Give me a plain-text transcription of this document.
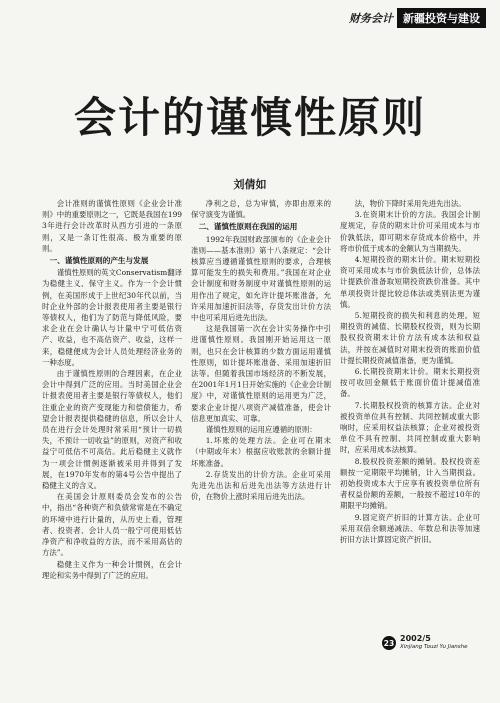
财务会计 新疆投资与建设
会计的谨慎性原则
刘倩如

会计准则的谨慎性原则《企业会计准则》中的重要原则之一，它既是我国在1993年进行会计改革时从西方引进的一条原则，又是一条订性很高、极为重要的原则。

一、谨慎性原则的产生与发展

谨慎性原则的英文Conservatism翻译为稳健主义、保守主义。作为一个会计惯例，在美国形成于上世纪30年代以前，当时企业外部的会计报表使用者主要是银行等债权人，他们为了防范与降低风险，要求企业在会计确认与计量中宁可低估资产、收益，也不高估资产、收益，这样一来，稳健便成为会计人员处理经济业务的一种态度。

由于谨慎性原则的合理因素，在企业会计中得到广泛的应用。当时美国企业会计报表使用者主要是银行等债权人，他们注重企业的资产变现能力和偿债能力，希望会计报表提供稳健的信息，所以会计人员在进行会计处理时常采用“预计一切损失，不预计一切收益”的原则，对资产和收益宁可低估不可高估。此后稳健主义就作为一项会计惯例逐渐被采用并得到了发展，在1970年发布的第4号公告中提出了稳健主义的含义。

在美国会计原则委员会发布的公告中，指出“各种资产和负债常常是在不确定的环境中进行计量的，从历史上看，管理者、投资者、会计人员一般宁可使用低估净资产和净收益的方法，而不采用高估的方法”。

稳健主义作为一种会计惯例，在会计理论和实务中得到了广泛的应用。

净利之总，总为审慎，亦即由原来的保守演变为谨慎。

二、谨慎性原则在我国的运用

1992年我国财政部颁布的《企业会计准则——基本准则》第十八条规定：“会计核算应当遵循谨慎性原则的要求，合理核算可能发生的损失和费用。”我国在对企业会计制度和财务制度中对谨慎性原则的运用作出了规定，如允许计提坏账准备，允许采用加速折旧法等，存货发出计价方法中也可采用后进先出法。

这是我国第一次在会计实务操作中引进谨慎性原则。我国刚开始运用这一原则，也只在会计核算的少数方面运用谨慎性原则，如计提坏账准备、采用加速折旧法等。但随着我国市场经济的不断发展，在2001年1月1日开始实施的《企业会计制度》中，对谨慎性原则的运用更为广泛，要求企业计提八项资产减值准备，使会计信息更加真实、可靠。

谨慎性原则的运用应遵循的原则：

1.坏账的处理方法。企业可在期末（中期或年末）根据应收账款的余额计提坏账准备。

2.存货发出的计价方法。企业可采用先进先出法和后进先出法等方法进行计价，在物价上涨时采用后进先出法。

法，物价下降时采用先进先出法。

3.在资期末计价的方法。我国会计制度规定，存货的期末计价可采用成本与市价孰低法，即可期末存货成本价格中，并将市价低于成本的金额认为当期损失。

4.短期投资的期末计价。期末短期投资可采用成本与市价孰低法计价，总体法计提跌价准备取短期投资跌价准备。其中单项投资计提比较总体法或类别法更为谨慎。

5.短期投资的损失和利息的处理。短期投资的减值、长期股权投资，则为长期股权投资期末计价方法有成本法和权益法，并按在减值时对期末投资的账面价值计提长期投资减值准备，更为谨慎。

6.长期投资期末计价。期末长期投资按可收回金额低于账面价值计提减值准备。

7.长期股权投资的核算方法。企业对被投资单位具有控制、共同控制或重大影响时，应采用权益法核算；企业对被投资单位不具有控制、共同控制或重大影响时，应采用成本法核算。

8.股权投资差额的摊销。股权投资差额按一定期限平均摊销，计入当期损益。初始投资成本大于应享有被投资单位所有者权益份额的差额，一般按不超过10年的期限平均摊销。

9.固定资产折旧的计算方法。企业可采用双倍余额递减法、年数总和法等加速折旧方法计算固定资产折旧。

23 2002/5
Xinjiang Touzi Yu Jianshe
